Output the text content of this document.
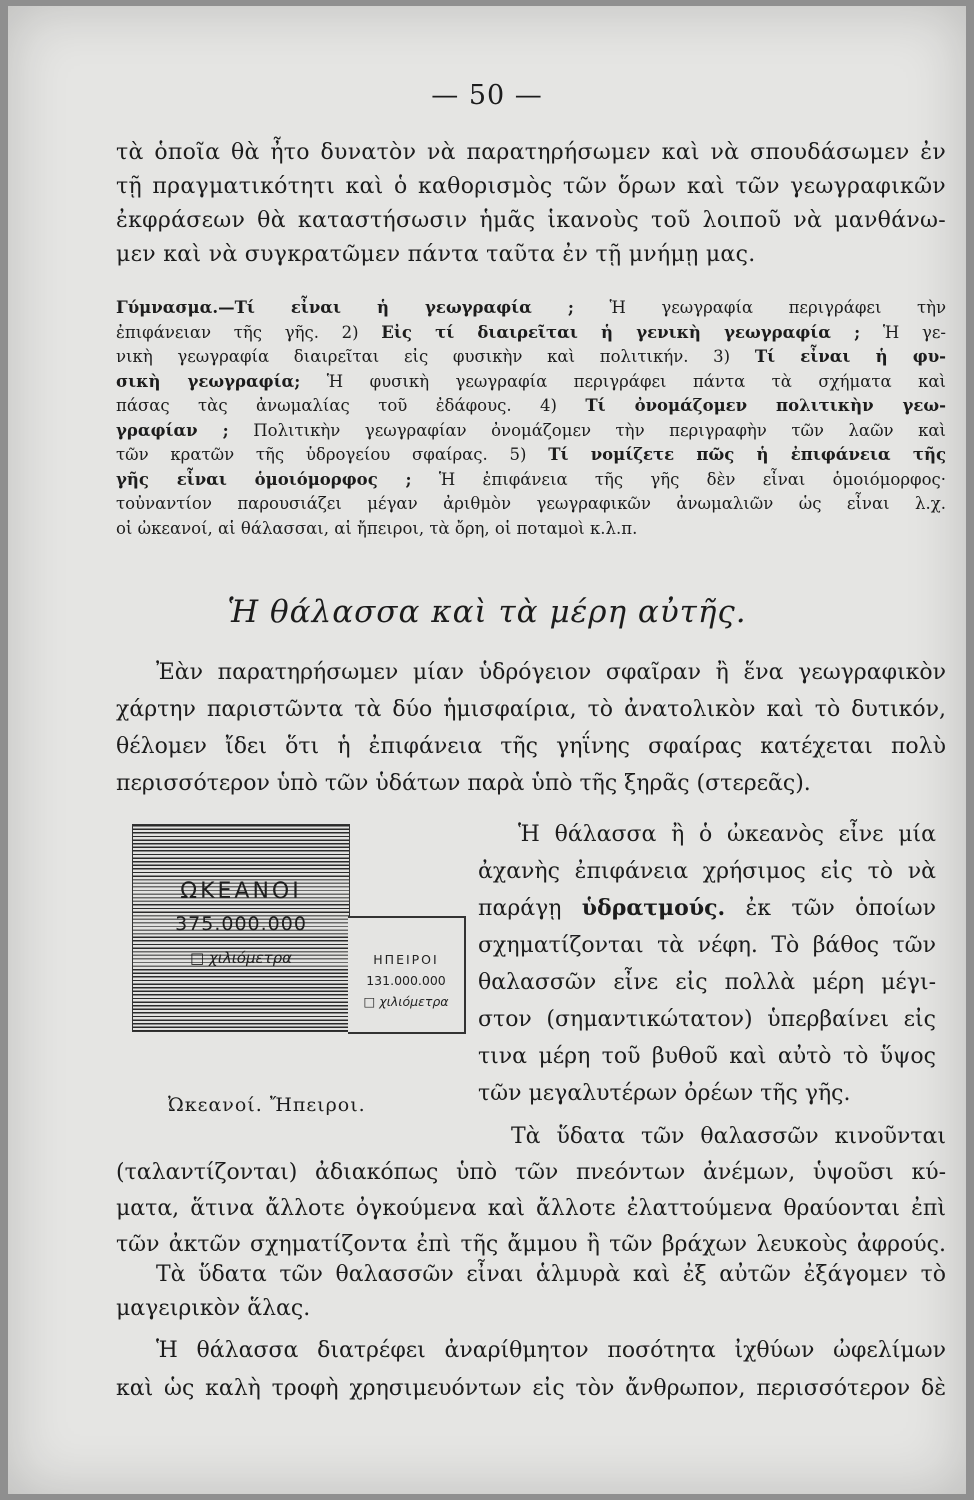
— 50 —
τὰ ὁποῖα θὰ ἦτο δυνατὸν νὰ παρατηρήσωμεν καὶ νὰ σπουδάσωμεν ἐν
τῇ πραγματικότητι καὶ ὁ καθορισμὸς τῶν ὅρων καὶ τῶν γεωγραφικῶν
ἐκφράσεων θὰ καταστήσωσιν ἡμᾶς ἱκανοὺς τοῦ λοιποῦ νὰ μανθάνω-
μεν καὶ νὰ συγκρατῶμεν πάντα ταῦτα ἐν τῇ μνήμῃ μας.
Γύμνασμα.—Τί εἶναι ἡ γεωγραφία ; Ἡ γεωγραφία περιγράφει τὴν
ἐπιφάνειαν τῆς γῆς. 2) Εἰς τί διαιρεῖται ἡ γενικὴ γεωγραφία ; Ἡ γε-
νικὴ γεωγραφία διαιρεῖται εἰς φυσικὴν καὶ πολιτικήν. 3) Τί εἶναι ἡ φυ-
σικὴ γεωγραφία; Ἡ φυσικὴ γεωγραφία περιγράφει πάντα τὰ σχήματα καὶ
πάσας τὰς ἀνωμαλίας τοῦ ἐδάφους. 4) Τί ὀνομάζομεν πολιτικὴν γεω-
γραφίαν ; Πολιτικὴν γεωγραφίαν ὀνομάζομεν τὴν περιγραφὴν τῶν λαῶν καὶ
τῶν κρατῶν τῆς ὑδρογείου σφαίρας. 5) Τί νομίζετε πῶς ἡ ἐπιφάνεια τῆς
γῆς εἶναι ὁμοιόμορφος ; Ἡ ἐπιφάνεια τῆς γῆς δὲν εἶναι ὁμοιόμορφος·
τοὐναντίον παρουσιάζει μέγαν ἀριθμὸν γεωγραφικῶν ἀνωμαλιῶν ὡς εἶναι λ.χ.
οἱ ὠκεανοί, αἱ θάλασσαι, αἱ ἤπειροι, τὰ ὄρη, οἱ ποταμοὶ κ.λ.π.
Ἡ θάλασσα καὶ τὰ μέρη αὐτῆς.
Ἐὰν παρατηρήσωμεν μίαν ὑδρόγειον σφαῖραν ἢ ἕνα γεωγραφικὸν
χάρτην παριστῶντα τὰ δύο ἡμισφαίρια, τὸ ἀνατολικὸν καὶ τὸ δυτικόν,
θέλομεν ἴδει ὅτι ἡ ἐπιφάνεια τῆς γηΐνης σφαίρας κατέχεται πολὺ
περισσότερον ὑπὸ τῶν ὑδάτων παρὰ ὑπὸ τῆς ξηρᾶς (στερεᾶς).
ΩΚΕΑΝΟΙ
375.000.000
□ χιλιόμετρα	ΗΠΕΙΡΟΙ
131.000.000
□ χιλιόμετρα
Ὠκεανοί. Ἤπειροι.
Ἡ θάλασσα ἢ ὁ ὠκεανὸς εἶνε μία
ἀχανὴς ἐπιφάνεια χρήσιμος εἰς τὸ νὰ
παράγῃ ὑδρατμούς. ἐκ τῶν ὁποίων
σχηματίζονται τὰ νέφη. Τὸ βάθος τῶν
θαλασσῶν εἶνε εἰς πολλὰ μέρη μέγι-
στον (σημαντικώτατον) ὑπερβαίνει εἰς
τινα μέρη τοῦ βυθοῦ καὶ αὐτὸ τὸ ὕψος
τῶν μεγαλυτέρων ὀρέων τῆς γῆς.
Τὰ ὕδατα τῶν θαλασσῶν κινοῦνται
(ταλαντίζονται) ἀδιακόπως ὑπὸ τῶν πνεόντων ἀνέμων, ὑψοῦσι κύ-
ματα, ἅτινα ἄλλοτε ὀγκούμενα καὶ ἄλλοτε ἐλαττούμενα θραύονται ἐπὶ
τῶν ἀκτῶν σχηματίζοντα ἐπὶ τῆς ἄμμου ἢ τῶν βράχων λευκοὺς ἀφρούς.
Τὰ ὕδατα τῶν θαλασσῶν εἶναι ἁλμυρὰ καὶ ἐξ αὐτῶν ἐξάγομεν τὸ
μαγειρικὸν ἅλας.
Ἡ θάλασσα διατρέφει ἀναρίθμητον ποσότητα ἰχθύων ὠφελίμων
καὶ ὡς καλὴ τροφὴ χρησιμευόντων εἰς τὸν ἄνθρωπον, περισσότερον δὲ
